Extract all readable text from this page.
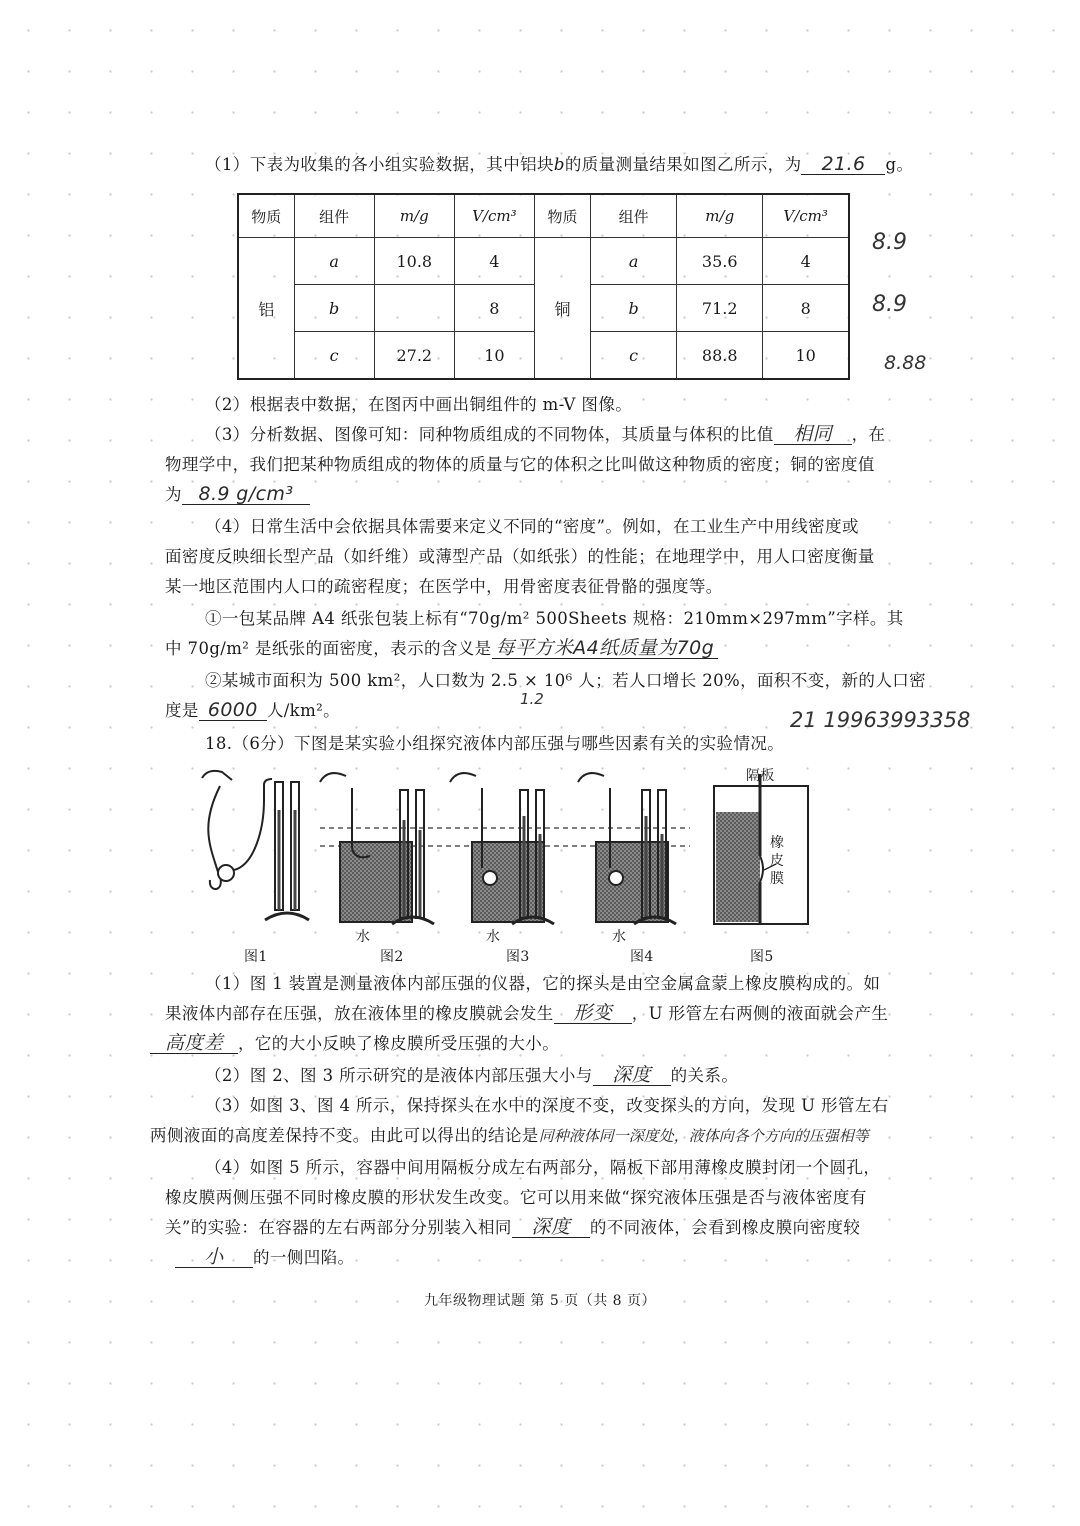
（1）下表为收集的各小组实验数据，其中铝块b的质量测量结果如图乙所示，为 21.6 g。
物质	组件	m/g	V/cm³	物质	组件	m/g	V/cm³
铝	a	10.8	4	铜	a	35.6	4
	b		8		b	71.2	8
	c	27.2	10		c	88.8	10
8.9
8.9
8.88
（2）根据表中数据，在图丙中画出铜组件的 m-V 图像。
（3）分析数据、图像可知：同种物质组成的不同物体，其质量与体积的比值 相同 ，在
物理学中，我们把某种物质组成的物体的质量与它的体积之比叫做这种物质的密度；铜的密度值
为 8.9 g/cm³
（4）日常生活中会依据具体需要来定义不同的“密度”。例如，在工业生产中用线密度或
面密度反映细长型产品（如纤维）或薄型产品（如纸张）的性能；在地理学中，用人口密度衡量
某一地区范围内人口的疏密程度；在医学中，用骨密度表征骨骼的强度等。
①一包某品牌 A4 纸张包装上标有“70g/m² 500Sheets 规格：210mm×297mm”字样。其
中 70g/m² 是纸张的面密度，表示的含义是 每平方米A4纸质量为70g
②某城市面积为 500 km²，人口数为 2.5 × 10⁶ 人；若人口增长 20%，面积不变，新的人口密
度是 6000 人/km²。
1.2
18.（6分）下图是某实验小组探究液体内部压强与哪些因素有关的实验情况。
21 19963993358
隔板
橡皮膜
水	水	水
图1	图2	图3	图4	图5
（1）图 1 装置是测量液体内部压强的仪器，它的探头是由空金属盒蒙上橡皮膜构成的。如
果液体内部存在压强，放在液体里的橡皮膜就会发生 形变 ，U 形管左右两侧的液面就会产生
高度差 ，它的大小反映了橡皮膜所受压强的大小。
（2）图 2、图 3 所示研究的是液体内部压强大小与 深度 的关系。
（3）如图 3、图 4 所示，保持探头在水中的深度不变，改变探头的方向，发现 U 形管左右
两侧液面的高度差保持不变。由此可以得出的结论是同种液体同一深度处，液体向各个方向的压强相等
（4）如图 5 所示，容器中间用隔板分成左右两部分，隔板下部用薄橡皮膜封闭一个圆孔，
橡皮膜两侧压强不同时橡皮膜的形状发生改变。它可以用来做“探究液体压强是否与液体密度有
关”的实验：在容器的左右两部分分别装入相同 深度 的不同液体，会看到橡皮膜向密度较
小 的一侧凹陷。
九年级物理试题 第 5 页（共 8 页）
